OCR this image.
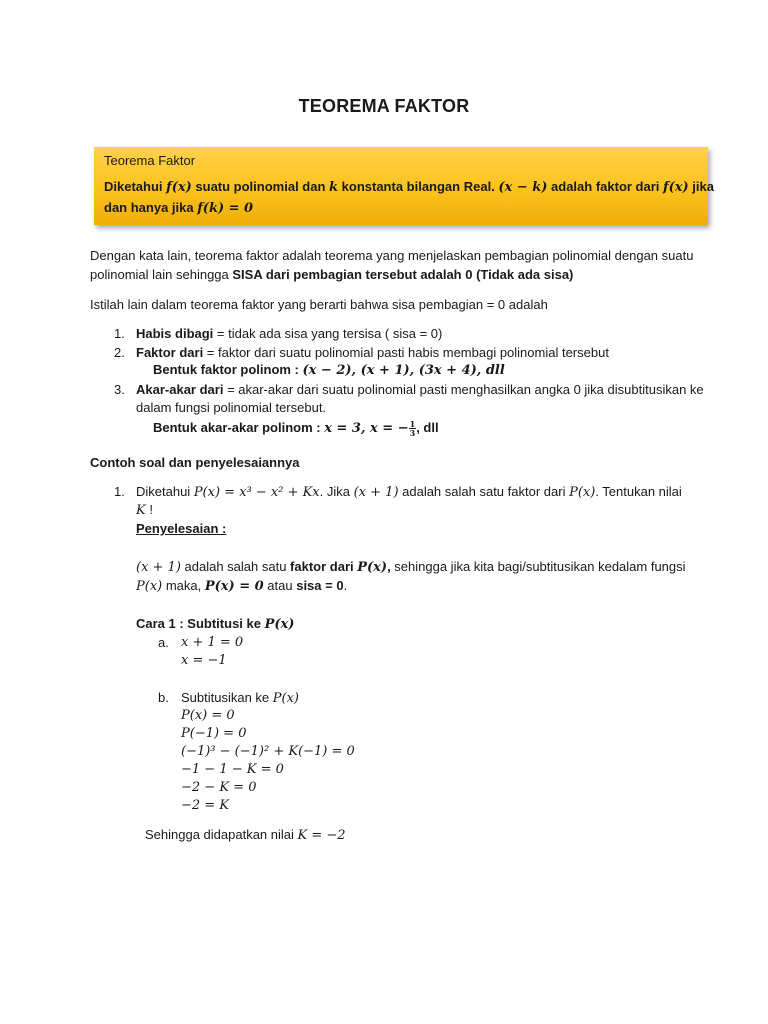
TEOREMA FAKTOR
Teorema Faktor
Diketahui f(x) suatu polinomial dan k konstanta bilangan Real. (x − k) adalah faktor dari f(x) jika
dan hanya jika f(k) = 0
Dengan kata lain, teorema faktor adalah teorema yang menjelaskan pembagian polinomial dengan suatu
polinomial lain sehingga SISA dari pembagian tersebut adalah 0 (Tidak ada sisa)
Istilah lain dalam teorema faktor yang berarti bahwa sisa pembagian = 0 adalah
1. Habis dibagi = tidak ada sisa yang tersisa ( sisa = 0)
2. Faktor dari = faktor dari suatu polinomial pasti habis membagi polinomial tersebut
Bentuk faktor polinom : (x − 2), (x + 1), (3x + 4), dll
3. Akar-akar dari = akar-akar dari suatu polinomial pasti menghasilkan angka 0 jika disubtitusikan ke
dalam fungsi polinomial tersebut.
Bentuk akar-akar polinom : x = 3, x = − $\frac{1}{3}$ , dll
Contoh soal dan penyelesaiannya
1. Diketahui P(x) = x³ − x² + Kx. Jika (x + 1) adalah salah satu faktor dari P(x). Tentukan nilai
K !
Penyelesaian :
(x + 1) adalah salah satu faktor dari P(x), sehingga jika kita bagi/subtitusikan kedalam fungsi
P(x) maka, P(x) = 0 atau sisa = 0.
Cara 1 : Subtitusi ke P(x)
a. x + 1 = 0
x = −1
b. Subtitusikan ke P(x)
P(x) = 0
P(−1) = 0
(−1)³ − (−1)² + K(−1) = 0
−1 − 1 − K = 0
−2 − K = 0
−2 = K
Sehingga didapatkan nilai K = −2
